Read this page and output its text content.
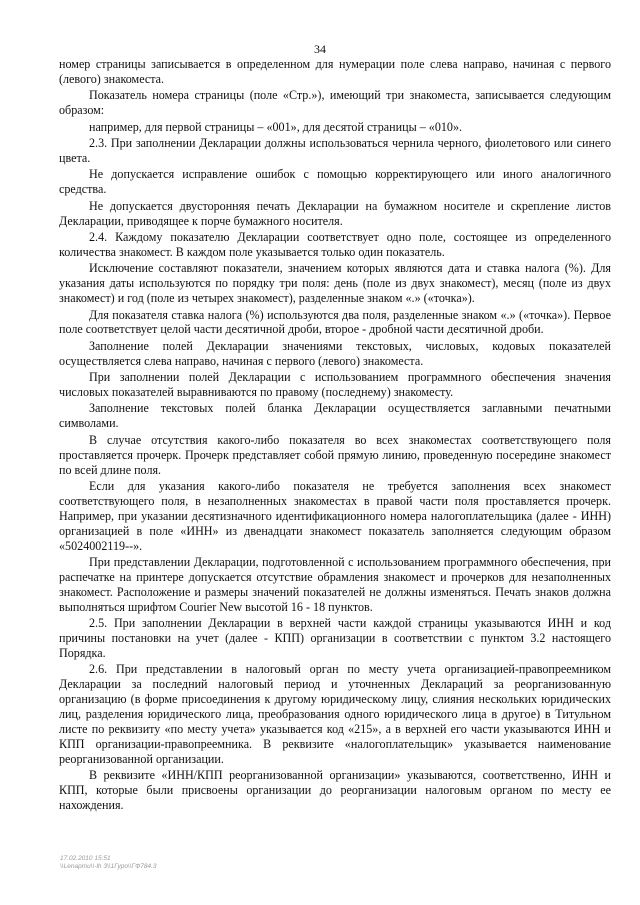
34

номер страницы записывается в определенном для нумерации поле слева направо, начиная с первого (левого) знакоместа.

Показатель номера страницы (поле «Стр.»), имеющий три знакоместа, записывается следующим образом:

например, для первой страницы – «001», для десятой страницы – «010».

2.3. При заполнении Декларации должны использоваться чернила черного, фиолетового или синего цвета.

Не допускается исправление ошибок с помощью корректирующего или иного аналогичного средства.

Не допускается двусторонняя печать Декларации на бумажном носителе и скрепление листов Декларации, приводящее к порче бумажного носителя.

2.4. Каждому показателю Декларации соответствует одно поле, состоящее из определенного количества знакомест. В каждом поле указывается только один показатель.

Исключение составляют показатели, значением которых являются дата и ставка налога (%). Для указания даты используются по порядку три поля: день (поле из двух знакомест), месяц (поле из двух знакомест) и год (поле из четырех знакомест), разделенные знаком «.» («точка»).

Для показателя ставка налога (%) используются два поля, разделенные знаком «.» («точка»). Первое поле соответствует целой части десятичной дроби, второе - дробной части десятичной дроби.

Заполнение полей Декларации значениями текстовых, числовых, кодовых показателей осуществляется слева направо, начиная с первого (левого) знакоместа.

При заполнении полей Декларации с использованием программного обеспечения значения числовых показателей выравниваются по правому (последнему) знакоместу.

Заполнение текстовых полей бланка Декларации осуществляется заглавными печатными символами.

В случае отсутствия какого-либо показателя во всех знакоместах соответствующего поля проставляется прочерк. Прочерк представляет собой прямую линию, проведенную посередине знакомест по всей длине поля.

Если для указания какого-либо показателя не требуется заполнения всех знакомест соответствующего поля, в незаполненных знакоместах в правой части поля проставляется прочерк. Например, при указании десятизначного идентификационного номера налогоплательщика (далее - ИНН) организацией в поле «ИНН» из двенадцати знакомест показатель заполняется следующим образом «5024002119--».

При представлении Декларации, подготовленной с использованием программного обеспечения, при распечатке на принтере допускается отсутствие обрамления знакомест и прочерков для незаполненных знакомест. Расположение и размеры значений показателей не должны изменяться. Печать знаков должна выполняться шрифтом Courier New высотой 16 - 18 пунктов.

2.5. При заполнении Декларации в верхней части каждой страницы указываются ИНН и код причины постановки на учет (далее - КПП) организации в соответствии с пунктом 3.2 настоящего Порядка.

2.6. При представлении в налоговый орган по месту учета организацией-правопреемником Декларации за последний налоговый период и уточненных Деклараций за реорганизованную организацию (в форме присоединения к другому юридическому лицу, слияния нескольких юридических лиц, разделения юридического лица, преобразования одного юридического лица в другое) в Титульном листе по реквизиту «по месту учета» указывается код «215», а в верхней его части указываются ИНН и КПП организации-правопреемника. В реквизите «налогоплательщик» указывается наименование реорганизованной организации.

В реквизите «ИНН/КПП реорганизованной организации» указываются, соответственно, ИНН и КПП, которые были присвоены организации до реорганизации налоговым органом по месту ее нахождения.

17.02.2010 15:51
\\Lenapmu\\-lh 3\\1Гуро\\ГФ784.3
